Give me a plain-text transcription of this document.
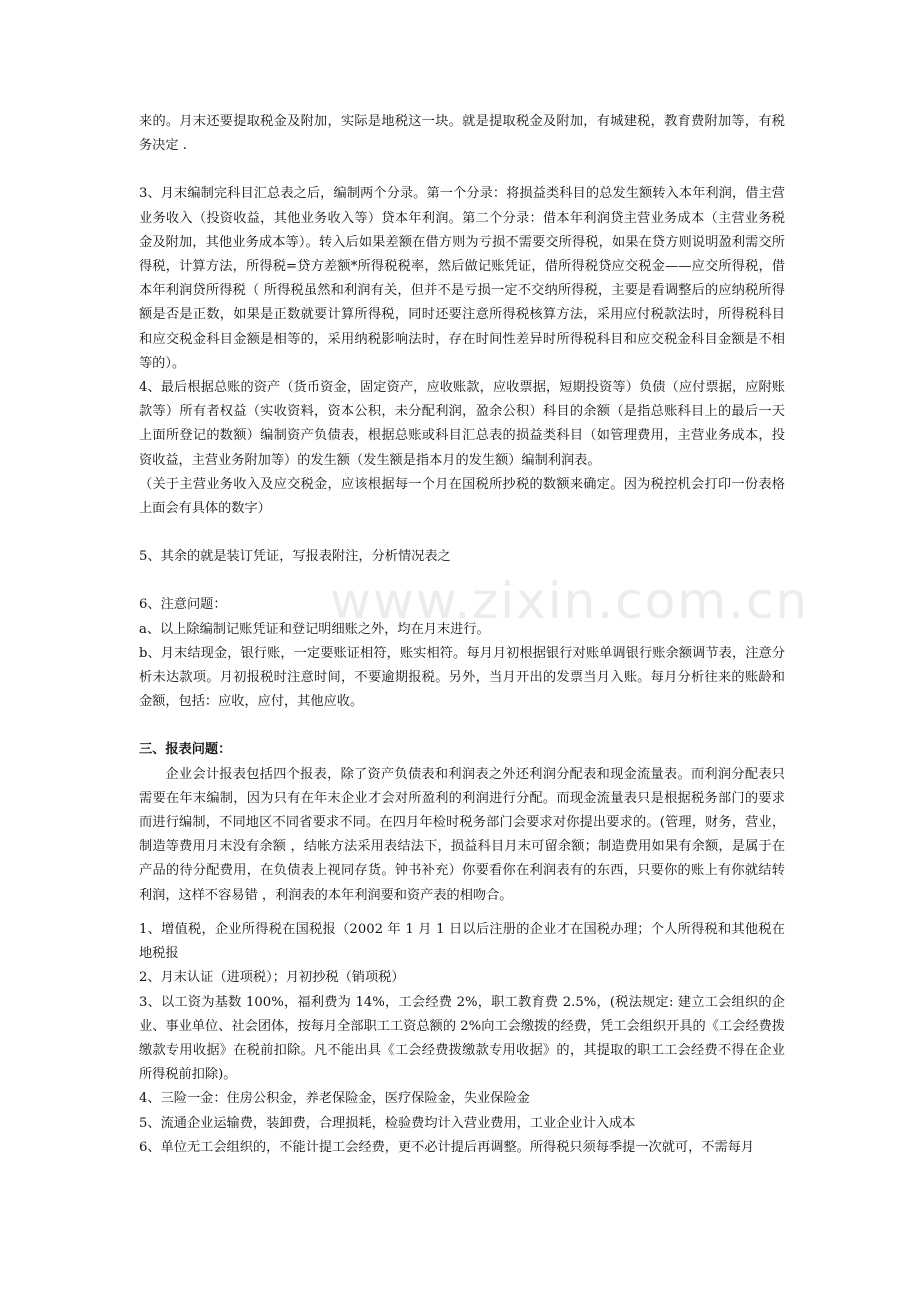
www.zixin.com.cn

来的。月末还要提取税金及附加，实际是地税这一块。就是提取税金及附加，有城建税，教育费附加等，有税务决定 .

3、月末编制完科目汇总表之后，编制两个分录。第一个分录：将损益类科目的总发生额转入本年利润，借主营业务收入（投资收益，其他业务收入等）贷本年利润。第二个分录：借本年利润贷主营业务成本（主营业务税金及附加，其他业务成本等）。转入后如果差额在借方则为亏损不需要交所得税，如果在贷方则说明盈利需交所得税，计算方法，所得税=贷方差额*所得税税率，然后做记账凭证，借所得税贷应交税金——应交所得税，借本年利润贷所得税（ 所得税虽然和利润有关，但并不是亏损一定不交纳所得税，主要是看调整后的应纳税所得额是否是正数，如果是正数就要计算所得税，同时还要注意所得税核算方法，采用应付税款法时，所得税科目和应交税金科目金额是相等的，采用纳税影响法时，存在时间性差异时所得税科目和应交税金科目金额是不相等的）。

4、最后根据总账的资产（货币资金，固定资产，应收账款，应收票据，短期投资等）负债（应付票据，应附账款等）所有者权益（实收资料，资本公积，未分配利润，盈余公积）科目的余额（是指总账科目上的最后一天上面所登记的数额）编制资产负债表，根据总账或科目汇总表的损益类科目（如管理费用，主营业务成本，投资收益，主营业务附加等）的发生额（发生额是指本月的发生额）编制利润表。

（关于主营业务收入及应交税金，应该根据每一个月在国税所抄税的数额来确定。因为税控机会打印一份表格上面会有具体的数字）

5、其余的就是装订凭证，写报表附注，分析情况表之

6、注意问题：

a、以上除编制记账凭证和登记明细账之外，均在月末进行。

b、月末结现金，银行账，一定要账证相符，账实相符。每月月初根据银行对账单调银行账余额调节表，注意分析未达款项。月初报税时注意时间，不要逾期报税。另外，当月开出的发票当月入账。每月分析往来的账龄和金额，包括：应收，应付，其他应收。

三、报表问题：

企业会计报表包括四个报表，除了资产负债表和利润表之外还利润分配表和现金流量表。而利润分配表只需要在年末编制，因为只有在年末企业才会对所盈利的利润进行分配。而现金流量表只是根据税务部门的要求而进行编制，不同地区不同省要求不同。在四月年检时税务部门会要求对你提出要求的。(管理，财务，营业，制造等费用月末没有余额 ，结帐方法采用表结法下，损益科目月末可留余额；制造费用如果有余额，是属于在产品的待分配费用，在负债表上视同存货。钟书补充）你要看你在利润表有的东西，只要你的账上有你就结转利润，这样不容易错 ，利润表的本年利润要和资产表的相吻合。

1、增值税，企业所得税在国税报（2002 年 1 月 1 日以后注册的企业才在国税办理；个人所得税和其他税在地税报

2、月末认证（进项税）；月初抄税（销项税）

3、以工资为基数 100%，福利费为 14%，工会经费 2%，职工教育费 2.5%，(税法规定: 建立工会组织的企业、事业单位、社会团体，按每月全部职工工资总额的 2%向工会缴拨的经费，凭工会组织开具的《工会经费拨缴款专用收据》在税前扣除。凡不能出具《工会经费拨缴款专用收据》的，其提取的职工工会经费不得在企业所得税前扣除)。

4、三险一金：住房公积金，养老保险金，医疗保险金，失业保险金

5、流通企业运输费，装卸费，合理损耗，检验费均计入营业费用，工业企业计入成本

6、单位无工会组织的，不能计提工会经费，更不必计提后再调整。所得税只须每季提一次就可，不需每月
